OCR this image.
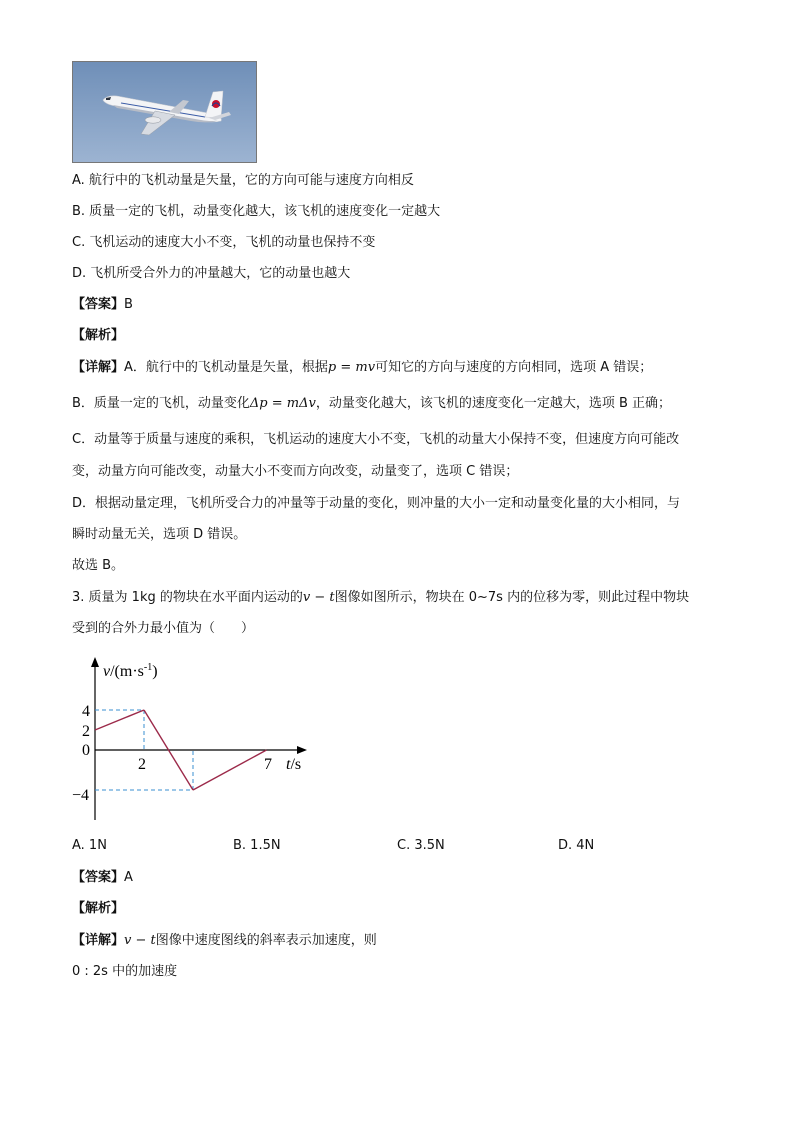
A. 航行中的飞机动量是矢量，它的方向可能与速度方向相反
B. 质量一定的飞机，动量变化越大，该飞机的速度变化一定越大
C. 飞机运动的速度大小不变，飞机的动量也保持不变
D. 飞机所受合外力的冲量越大，它的动量也越大
【答案】B
【解析】
【详解】A．航行中的飞机动量是矢量，根据p = mv可知它的方向与速度的方向相同，选项 A 错误；
B．质量一定的飞机，动量变化Δp = mΔv，动量变化越大，该飞机的速度变化一定越大，选项 B 正确；
C．动量等于质量与速度的乘积，飞机运动的速度大小不变，飞机的动量大小保持不变，但速度方向可能改
变，动量方向可能改变，动量大小不变而方向改变，动量变了，选项 C 错误；
D．根据动量定理，飞机所受合力的冲量等于动量的变化，则冲量的大小一定和动量变化量的大小相同，与
瞬时动量无关，选项 D 错误。
故选 B。
3. 质量为 1kg 的物块在水平面内运动的v − t图像如图所示，物块在 0~7s 内的位移为零，则此过程中物块
受到的合外力最小值为（　　）
$v/(m\cdot s^{-1})$
t/s
4
2
0
−4
2	7
A. 1N	B. 1.5N	C. 3.5N	D. 4N
【答案】A
【解析】
【详解】v − t图像中速度图线的斜率表示加速度，则
0 : 2s 中的加速度
